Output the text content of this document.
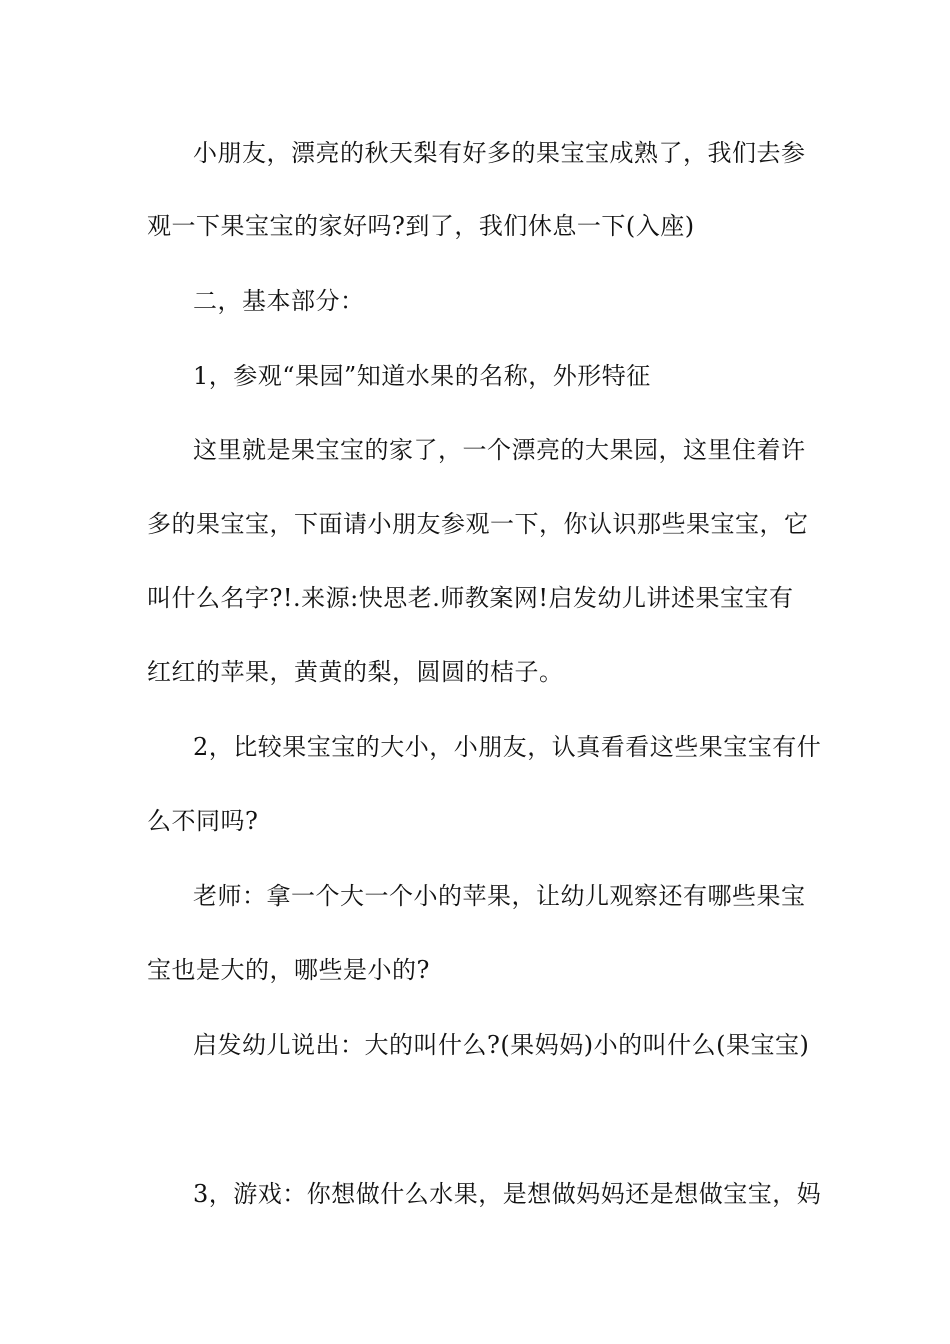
小朋友，漂亮的秋天梨有好多的果宝宝成熟了，我们去参
观一下果宝宝的家好吗?到了，我们休息一下(入座)
二，基本部分：
1，参观“果园”知道水果的名称，外形特征
这里就是果宝宝的家了，一个漂亮的大果园，这里住着许
多的果宝宝，下面请小朋友参观一下，你认识那些果宝宝，它
叫什么名字?!.来源:快思老.师教案网!启发幼儿讲述果宝宝有
红红的苹果，黄黄的梨，圆圆的桔子。
2，比较果宝宝的大小，小朋友，认真看看这些果宝宝有什
么不同吗?
老师：拿一个大一个小的苹果，让幼儿观察还有哪些果宝
宝也是大的，哪些是小的?
启发幼儿说出：大的叫什么?(果妈妈)小的叫什么(果宝宝)
3，游戏：你想做什么水果，是想做妈妈还是想做宝宝，妈
